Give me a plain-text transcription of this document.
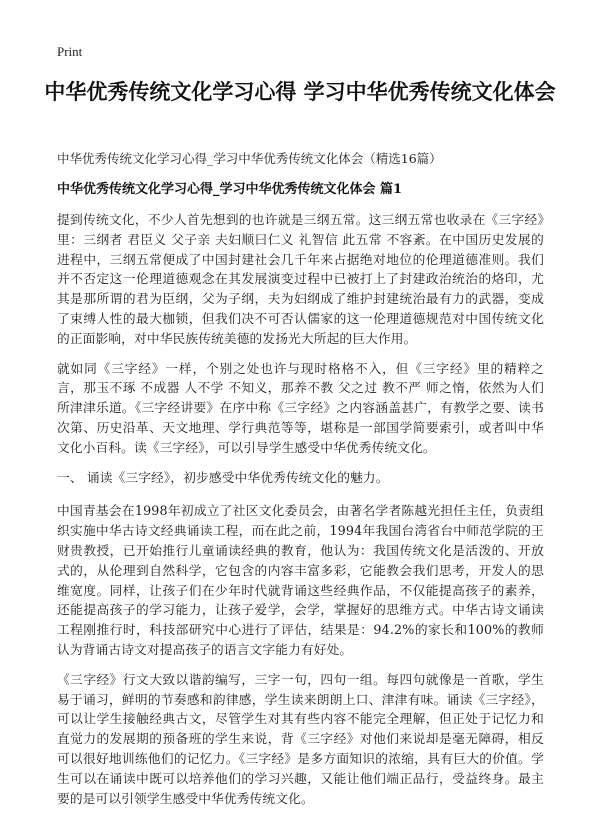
Print
中华优秀传统文化学习心得 学习中华优秀传统文化体会
中华优秀传统文化学习心得_学习中华优秀传统文化体会（精选16篇）
中华优秀传统文化学习心得_学习中华优秀传统文化体会 篇1

提到传统文化，不少人首先想到的也许就是三纲五常。这三纲五常也收录在《三字经》里：三纲者 君臣义 父子亲 夫妇顺曰仁义 礼智信 此五常 不容紊。在中国历史发展的进程中，三纲五常便成了中国封建社会几千年来占据绝对地位的伦理道德准则。我们并不否定这一伦理道德观念在其发展演变过程中已被打上了封建政治统治的烙印，尤其是那所谓的君为臣纲，父为子纲，夫为妇纲成了维护封建统治最有力的武器，变成了束缚人性的最大枷锁，但我们决不可否认儒家的这一伦理道德规范对中国传统文化的正面影响，对中华民族传统美德的发扬光大所起的巨大作用。

就如同《三字经》一样，个别之处也许与现时格格不入，但《三字经》里的精粹之言，那玉不琢 不成器 人不学 不知义，那养不教 父之过 教不严 师之惰，依然为人们所津津乐道。《三字经讲要》在序中称《三字经》之内容涵盖甚广，有教学之要、读书次第、历史沿革、天文地理、学行典范等等，堪称是一部国学简要索引，或者叫中华文化小百科。读《三字经》，可以引导学生感受中华优秀传统文化。

一、 诵读《三字经》，初步感受中华优秀传统文化的魅力。

中国青基会在1998年初成立了社区文化委员会，由著名学者陈越光担任主任，负责组织实施中华古诗文经典诵读工程，而在此之前，1994年我国台湾省台中师范学院的王财贵教授，已开始推行儿童诵读经典的教育，他认为：我国传统文化是活泼的、开放式的，从伦理到自然科学，它包含的内容丰富多彩，它能教会我们思考，开发人的思维宽度。同样，让孩子们在少年时代就背诵这些经典作品，不仅能提高孩子的素养，还能提高孩子的学习能力，让孩子爱学，会学，掌握好的思维方式。中华古诗文诵读工程刚推行时，科技部研究中心进行了评估，结果是：94.2%的家长和100%的教师认为背诵古诗文对提高孩子的语言文字能力有好处。

《三字经》行文大致以谐韵编写，三字一句，四句一组。每四句就像是一首歌，学生易于诵习，鲜明的节奏感和韵律感，学生读来朗朗上口、津津有味。诵读《三字经》，可以让学生接触经典古文，尽管学生对其有些内容不能完全理解，但正处于记忆力和直觉力的发展期的预备班的学生来说，背《三字经》对他们来说却是毫无障碍，相反可以很好地训练他们的记忆力。《三字经》是多方面知识的浓缩，具有巨大的价值。学生可以在诵读中既可以培养他们的学习兴趣，又能让他们端正品行，受益终身。最主要的是可以引领学生感受中华优秀传统文化。
